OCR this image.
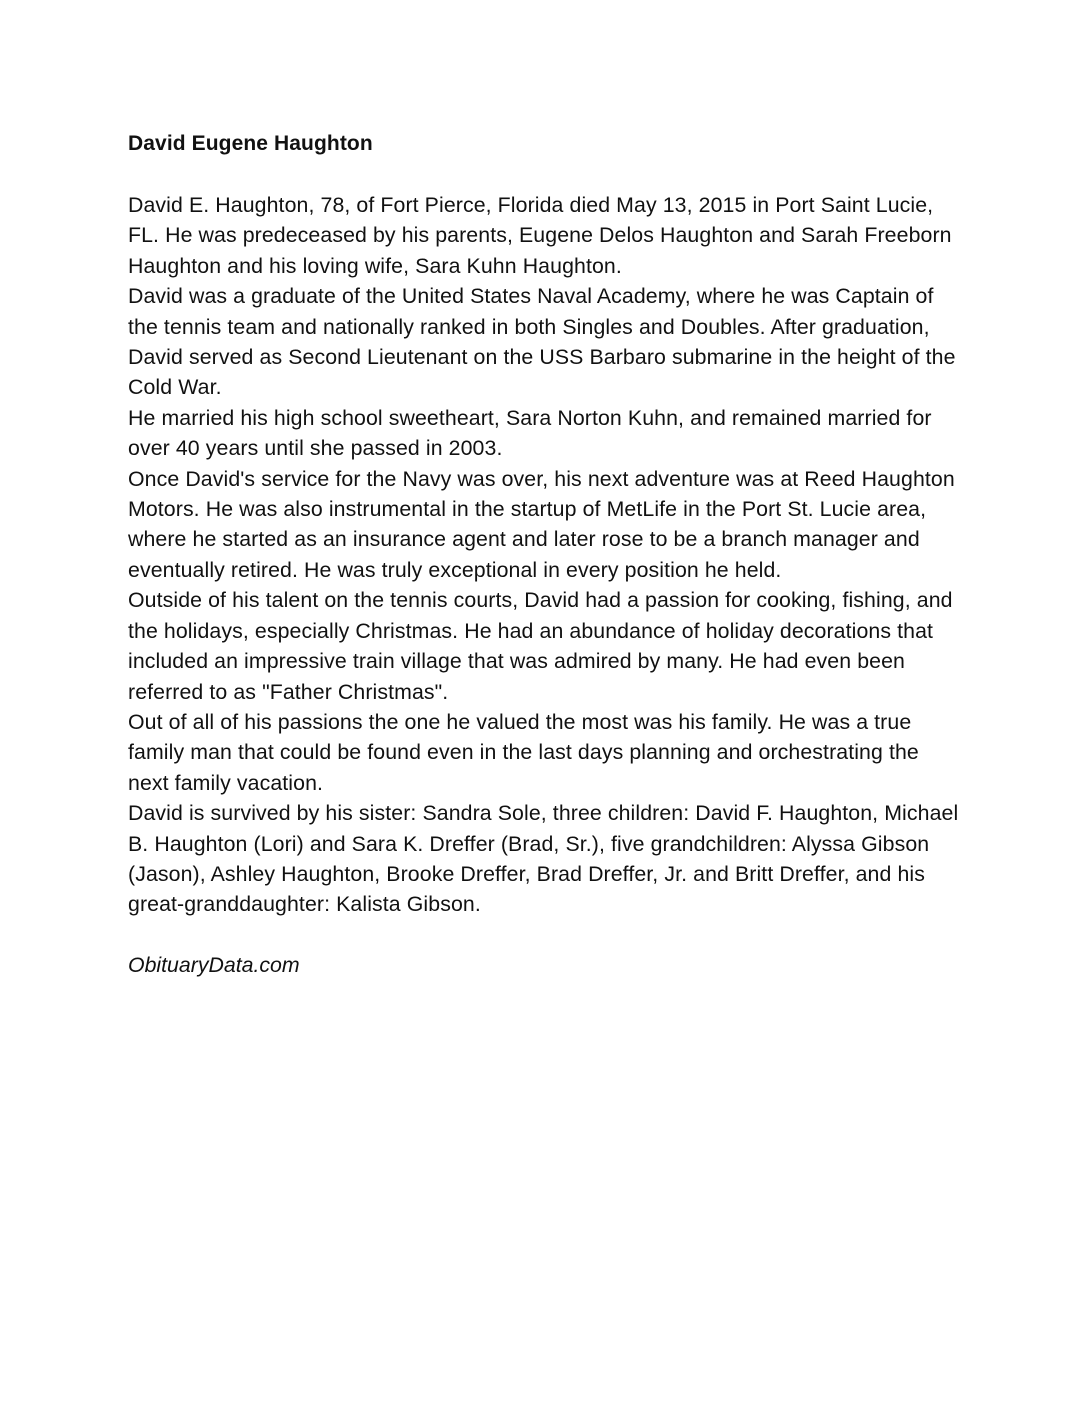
David Eugene Haughton

David E. Haughton, 78, of Fort Pierce, Florida died May 13, 2015 in Port Saint Lucie, FL. He was predeceased by his parents, Eugene Delos Haughton and Sarah Freeborn Haughton and his loving wife, Sara Kuhn Haughton.

David was a graduate of the United States Naval Academy, where he was Captain of the tennis team and nationally ranked in both Singles and Doubles. After graduation, David served as Second Lieutenant on the USS Barbaro submarine in the height of the Cold War.

He married his high school sweetheart, Sara Norton Kuhn, and remained married for over 40 years until she passed in 2003.

Once David's service for the Navy was over, his next adventure was at Reed Haughton Motors. He was also instrumental in the startup of MetLife in the Port St. Lucie area, where he started as an insurance agent and later rose to be a branch manager and eventually retired. He was truly exceptional in every position he held.

Outside of his talent on the tennis courts, David had a passion for cooking, fishing, and the holidays, especially Christmas. He had an abundance of holiday decorations that included an impressive train village that was admired by many. He had even been referred to as "Father Christmas".

Out of all of his passions the one he valued the most was his family. He was a true family man that could be found even in the last days planning and orchestrating the next family vacation.

David is survived by his sister: Sandra Sole, three children: David F. Haughton, Michael B. Haughton (Lori) and Sara K. Dreffer (Brad, Sr.), five grandchildren: Alyssa Gibson (Jason), Ashley Haughton, Brooke Dreffer, Brad Dreffer, Jr. and Britt Dreffer, and his great-granddaughter: Kalista Gibson.

ObituaryData.com
